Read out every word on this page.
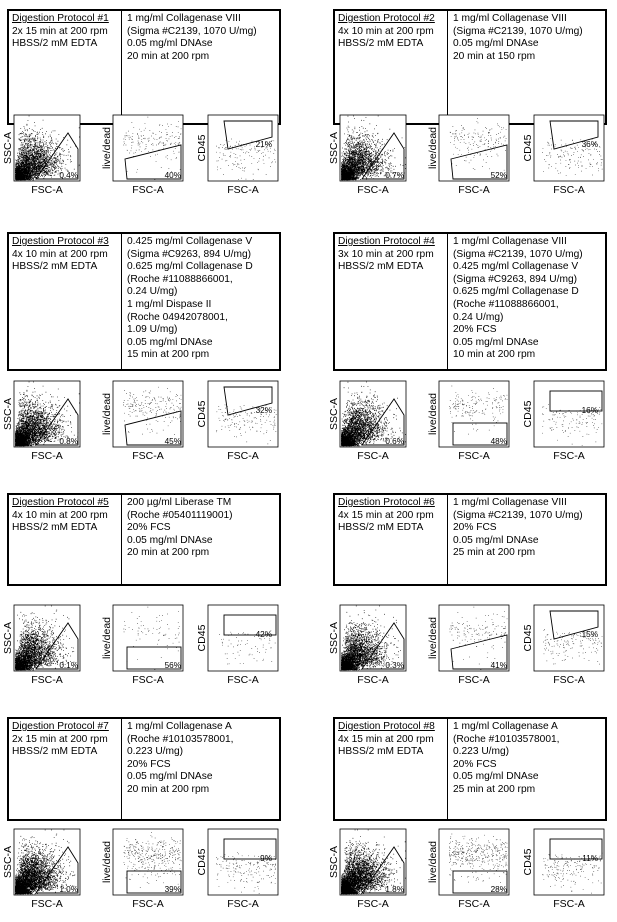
Digestion Protocol #1
2x 15 min at 200 rpm
HBSS/2 mM EDTA
1 mg/ml Collagenase VIII
(Sigma #C2139, 1070 U/mg)
0.05 mg/ml DNAse
20 min at 200 rpm
Digestion Protocol #2
4x 10 min at 200 rpm
HBSS/2 mM EDTA
1 mg/ml Collagenase VIII
(Sigma #C2139, 1070 U/mg)
0.05 mg/ml DNAse
20 min at 150 rpm
Digestion Protocol #3
4x 10 min at 200 rpm
HBSS/2 mM EDTA
0.425 mg/ml Collagenase V
(Sigma #C9263, 894 U/mg)
0.625 mg/ml Collagenase D
(Roche #11088866001,
0.24 U/mg)
1 mg/ml Dispase II
(Roche 04942078001,
1.09 U/mg)
0.05 mg/ml DNAse
15 min at 200 rpm
Digestion Protocol #4
3x 10 min at 200 rpm
HBSS/2 mM EDTA
1 mg/ml Collagenase VIII
(Sigma #C2139, 1070 U/mg)
0.425 mg/ml Collagenase V
(Sigma #C9263, 894 U/mg)
0.625 mg/ml Collagenase D
(Roche #11088866001,
0.24 U/mg)
20% FCS
0.05 mg/ml DNAse
10 min at 200 rpm
Digestion Protocol #5
4x 10 min at 200 rpm
HBSS/2 mM EDTA
200 µg/ml Liberase TM
(Roche #05401119001)
20% FCS
0.05 mg/ml DNAse
20 min at 200 rpm
Digestion Protocol #6
4x 15 min at 200 rpm
HBSS/2 mM EDTA
1 mg/ml Collagenase VIII
(Sigma #C2139, 1070 U/mg)
20% FCS
0.05 mg/ml DNAse
25 min at 200 rpm
Digestion Protocol #7
2x 15 min at 200 rpm
HBSS/2 mM EDTA
1 mg/ml Collagenase A
(Roche #10103578001,
0.223 U/mg)
20% FCS
0.05 mg/ml DNAse
20 min at 200 rpm
Digestion Protocol #8
4x 15 min at 200 rpm
HBSS/2 mM EDTA
1 mg/ml Collagenase A
(Roche #10103578001,
0.223 U/mg)
20% FCS
0.05 mg/ml DNAse
25 min at 200 rpm
0.4%
FSC-A
SSC-A
40%
FSC-A
live/dead	21%
FSC-A
CD45
0.7%
FSC-A
SSC-A
52%
FSC-A
live/dead	36%
FSC-A
CD45
0.8%
FSC-A
SSC-A
45%
FSC-A
live/dead	32%
FSC-A
CD45
0.6%
FSC-A
SSC-A
48%
FSC-A
live/dead	16%
FSC-A
CD45
0.1%
FSC-A
SSC-A
56%
FSC-A
live/dead	42%
FSC-A
CD45
0.3%
FSC-A
SSC-A
41%
FSC-A
live/dead	15%
FSC-A
CD45
1.0%
FSC-A
SSC-A
39%
FSC-A
live/dead	9%
FSC-A
CD45
1.8%
FSC-A
SSC-A
28%
FSC-A
live/dead	11%
FSC-A
CD45
